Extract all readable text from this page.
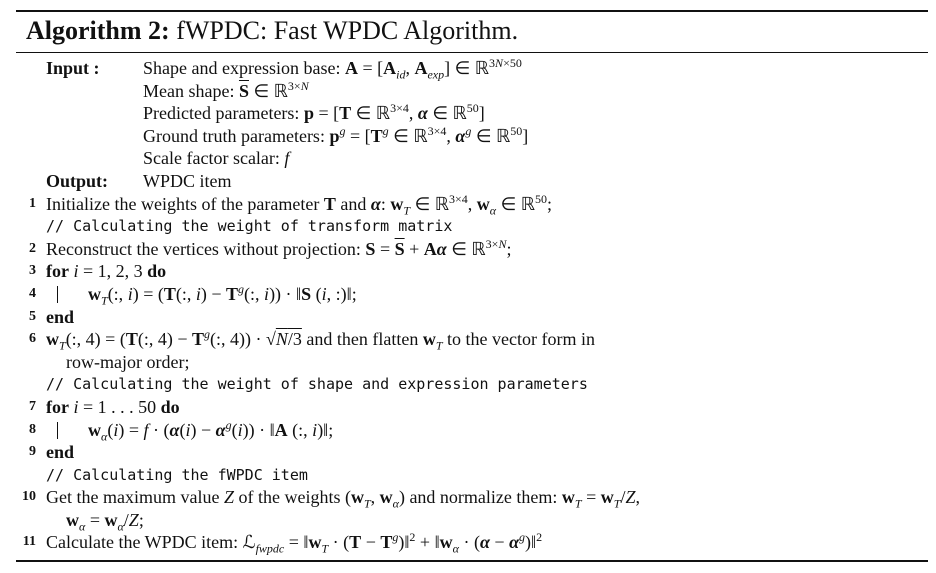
Algorithm 2: fWPDC: Fast WPDC Algorithm.
Input :	Shape and expression base: $A = [A_{id}$, $A_{exp}$] ∈ ℝ$^{3N\times 50}$
Mean shape: $\overline{S}$ ∈ ℝ$^{3\times N}$
Predicted parameters: p = [T ∈ ℝ$^{3\times 4}$, α ∈ ℝ$^{50}$]
Ground truth parameters: $p^g = [T^g$ ∈ ℝ$^{3\times 4}$, $\alpha^g$ ∈ ℝ$^{50}$]
Scale factor scalar: f
Output:	WPDC item
1 Initialize the weights of the parameter T and α: $w_T$ ∈ ℝ$^{3\times 4}$, $w_\alpha$ ∈ ℝ$^{50}$;
// Calculating the weight of transform matrix
2 Reconstruct the vertices without projection: $S = \overline{S} + A\alpha$ ∈ ℝ$^{3\times N}$;
3 for i = 1, 2, 3 do
4	$w_T$(:, i) = (T(:, $i) - T^g$(:, i)) · ‖S (i, :)‖;
5 end
6 $w_T$(:, 4) = (T(:, $4) - T^g$(:, 4)) · √N/3 and then flatten $w_T$ to the vector form in
row-major order;
// Calculating the weight of shape and expression parameters
7 for i = 1 . . . 50 do
8	$w_\alpha(i) = f \cdot (\alpha(i) - \alpha^g(i))$ · ‖A (:, i)‖;
9 end
// Calculating the fWPDC item
10 Get the maximum value Z of the weights ($w_T$, $w_\alpha$) and normalize them: $w_T = w_T/Z$,
$w_\alpha = w_\alpha/Z$;
11 Calculate the WPDC item: ℒ$_{fwpdc}$ = $‖w_T \cdot (T$ − $T^g)‖^2$ + $‖w_\alpha \cdot (\alpha$ − $\alpha^g)‖^2$
